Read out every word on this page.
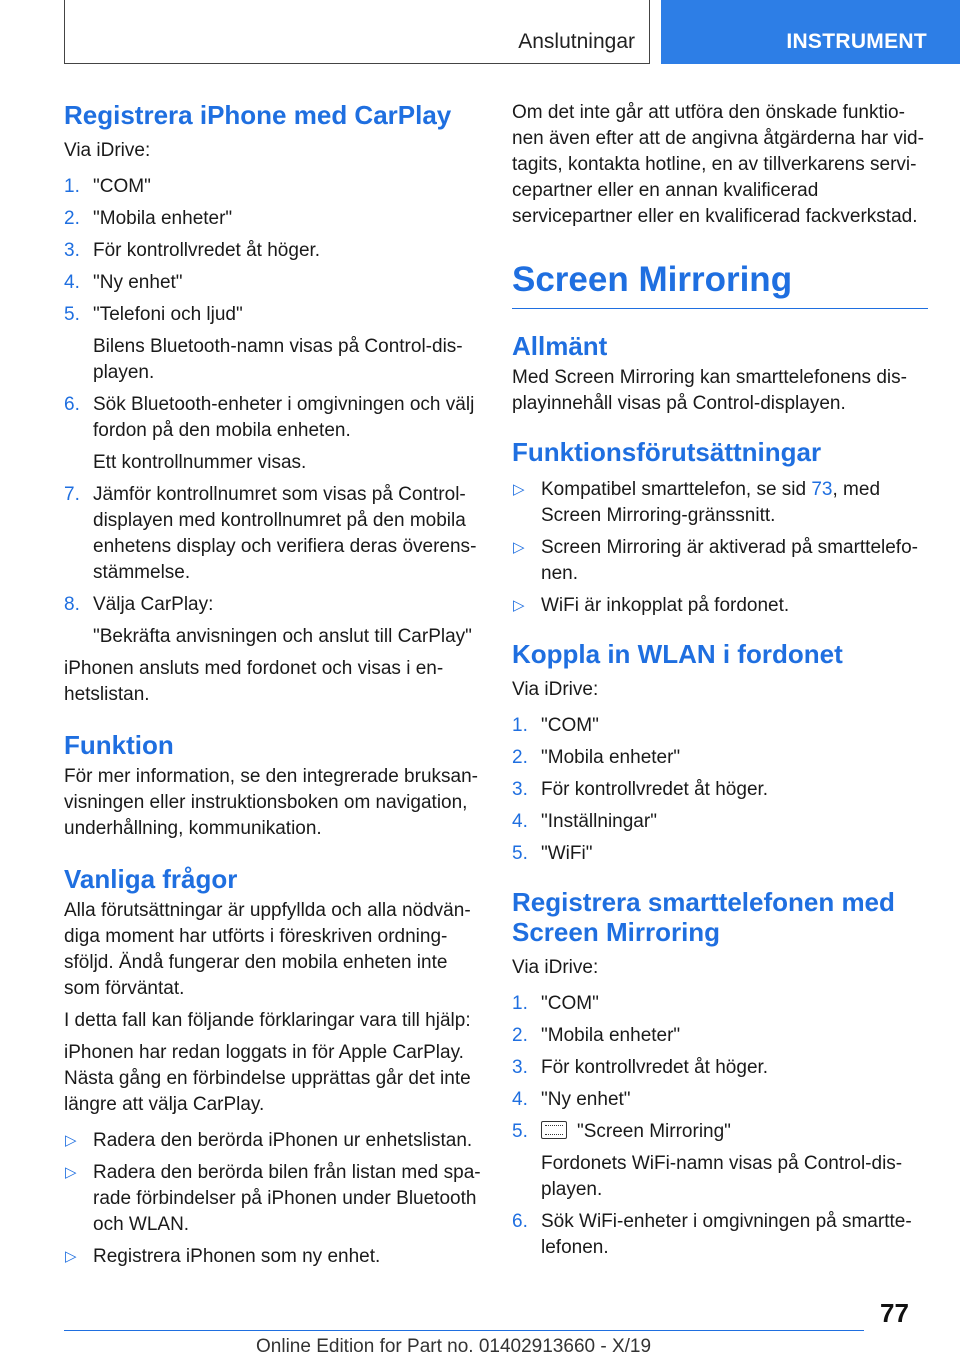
Anslutningar	INSTRUMENT
Registrera iPhone med CarPlay

Via iDrive:

1. "COM"
2. "Mobila enheter"
3. För kontrollvredet åt höger.
4. "Ny enhet"
5. "Telefoni och ljud"
Bilens Bluetooth-namn visas på Control-displayen.
6. Sök Bluetooth-enheter i omgivningen och välj fordon på den mobila enheten.
Ett kontrollnummer visas.
7. Jämför kontrollnumret som visas på Control-displayen med kontrollnumret på den mobila enhetens display och verifiera deras överensstämmelse.
8. Välja CarPlay:
"Bekräfta anvisningen och anslut till CarPlay"

iPhonen ansluts med fordonet och visas i enhetslistan.

Funktion

För mer information, se den integrerade bruksanvisningen eller instruktionsboken om navigation, underhållning, kommunikation.

Vanliga frågor

Alla förutsättningar är uppfyllda och alla nödvändiga moment har utförts i föreskriven ordningsföljd. Ändå fungerar den mobila enheten inte som förväntat.

I detta fall kan följande förklaringar vara till hjälp:

iPhonen har redan loggats in för Apple CarPlay. Nästa gång en förbindelse upprättas går det inte längre att välja CarPlay.

▷ Radera den berörda iPhonen ur enhetslistan.
▷ Radera den berörda bilen från listan med sparade förbindelser på iPhonen under Bluetooth och WLAN.
▷ Registrera iPhonen som ny enhet.

Om det inte går att utföra den önskade funktionen även efter att de angivna åtgärderna har vidtagits, kontakta hotline, en av tillverkarens servicepartner eller en annan kvalificerad servicepartner eller en kvalificerad fackverkstad.

Screen Mirroring
Allmänt

Med Screen Mirroring kan smarttelefonens displayinnehåll visas på Control-displayen.

Funktionsförutsättningar
▷ Kompatibel smarttelefon, se sid 73, med Screen Mirroring-gränssnitt.
▷ Screen Mirroring är aktiverad på smarttelefonen.
▷ WiFi är inkopplat på fordonet.
Koppla in WLAN i fordonet

Via iDrive:

1. "COM"
2. "Mobila enheter"
3. För kontrollvredet åt höger.
4. "Inställningar"
5. "WiFi"
Registrera smarttelefonen med Screen Mirroring

Via iDrive:

1. "COM"
2. "Mobila enheter"
3. För kontrollvredet åt höger.
4. "Ny enhet"
5.	"Screen Mirroring"
Fordonets WiFi-namn visas på Control-displayen.
6. Sök WiFi-enheter i omgivningen på smarttelefonen.
77
Online Edition for Part no. 01402913660 - X/19
